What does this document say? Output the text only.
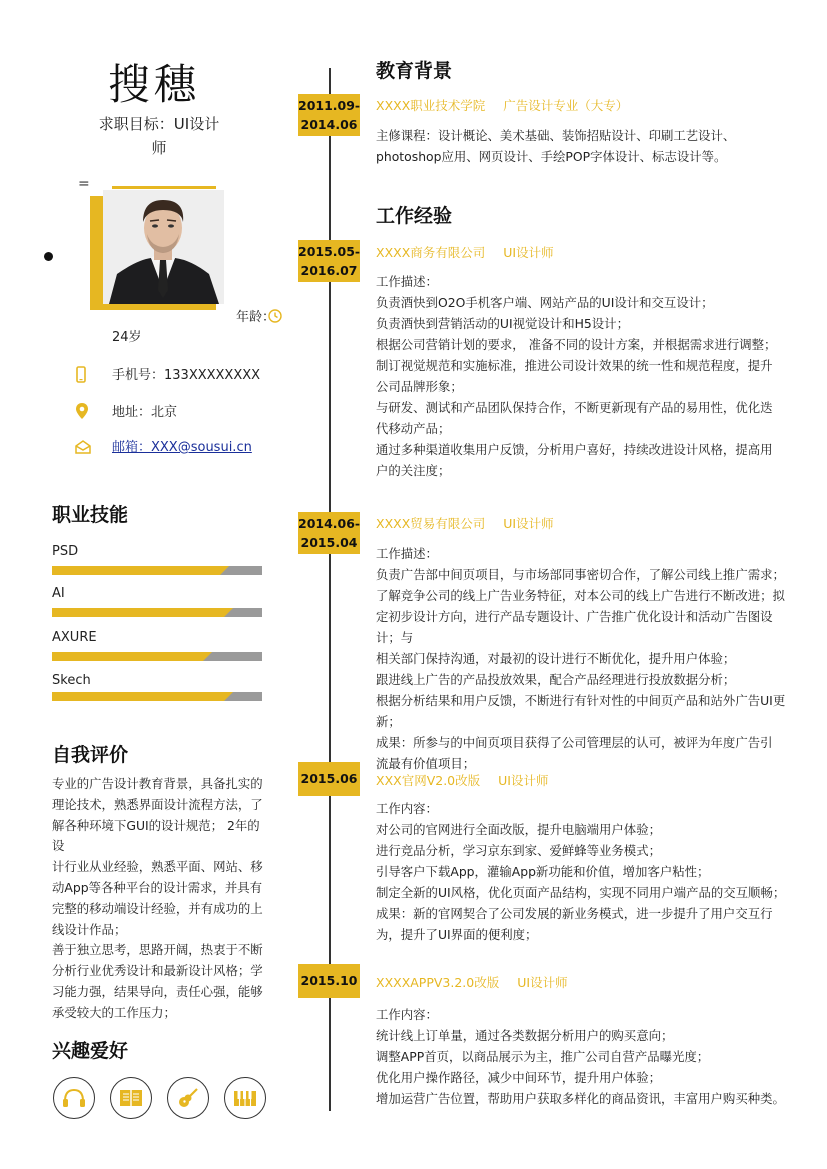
搜穗
求职目标：UI设计
师
=
年龄：
24岁
手机号：133XXXXXXXX
地址：北京
邮箱：XXX@sousui.cn
职业技能
PSD
AI
AXURE
Skech
自我评价
专业的广告设计教育背景，具备扎实的
理论技术，熟悉界面设计流程方法，了
解各种环境下GUI的设计规范； 2年的设
计行业从业经验，熟悉平面、网站、移
动App等各种平台的设计需求，并具有
完整的移动端设计经验，并有成功的上
线设计作品；
善于独立思考，思路开阔，热衷于不断
分析行业优秀设计和最新设计风格；学
习能力强，结果导向，责任心强，能够
承受较大的工作压力；
兴趣爱好
教育背景
2011.09-
2014.06
XXXX职业技术学院 广告设计专业（大专）
主修课程：设计概论、美术基础、装饰招贴设计、印刷工艺设计、
photoshop应用、网页设计、手绘POP字体设计、标志设计等。
工作经验
2015.05-
2016.07
XXXX商务有限公司 UI设计师
工作描述：
负责酒快到O2O手机客户端、网站产品的UI设计和交互设计；
负责酒快到营销活动的UI视觉设计和H5设计；
根据公司营销计划的要求， 准备不同的设计方案，并根据需求进行调整；
制订视觉规范和实施标准，推进公司设计效果的统一性和规范程度，提升
公司品牌形象；
与研发、测试和产品团队保持合作，不断更新现有产品的易用性，优化迭
代移动产品；
通过多种渠道收集用户反馈，分析用户喜好，持续改进设计风格，提高用
户的关注度；
2014.06-
2015.04
XXXX贸易有限公司 UI设计师
工作描述：
负责广告部中间页项目，与市场部同事密切合作，了解公司线上推广需求；
了解竞争公司的线上广告业务特征，对本公司的线上广告进行不断改进；拟
定初步设计方向，进行产品专题设计、广告推广优化设计和活动广告图设计；与
相关部门保持沟通，对最初的设计进行不断优化，提升用户体验；
跟进线上广告的产品投放效果，配合产品经理进行投放数据分析；
根据分析结果和用户反馈，不断进行有针对性的中间页产品和站外广告UI更新；
成果：所参与的中间页项目获得了公司管理层的认可，被评为年度广告引
流最有价值项目；
2015.06 XXX官网V2.0改版 UI设计师
工作内容：
对公司的官网进行全面改版，提升电脑端用户体验；
进行竞品分析，学习京东到家、爱鲜蜂等业务模式；
引导客户下载App，灌输App新功能和价值，增加客户粘性；
制定全新的UI风格，优化页面产品结构，实现不同用户端产品的交互顺畅；
成果：新的官网契合了公司发展的新业务模式，进一步提升了用户交互行
为，提升了UI界面的便利度；
2015.10 XXXXAPPV3.2.0改版 UI设计师
工作内容：
统计线上订单量，通过各类数据分析用户的购买意向；
调整APP首页，以商品展示为主，推广公司自营产品曝光度；
优化用户操作路径，减少中间环节，提升用户体验；
增加运营广告位置，帮助用户获取多样化的商品资讯，丰富用户购买种类。
